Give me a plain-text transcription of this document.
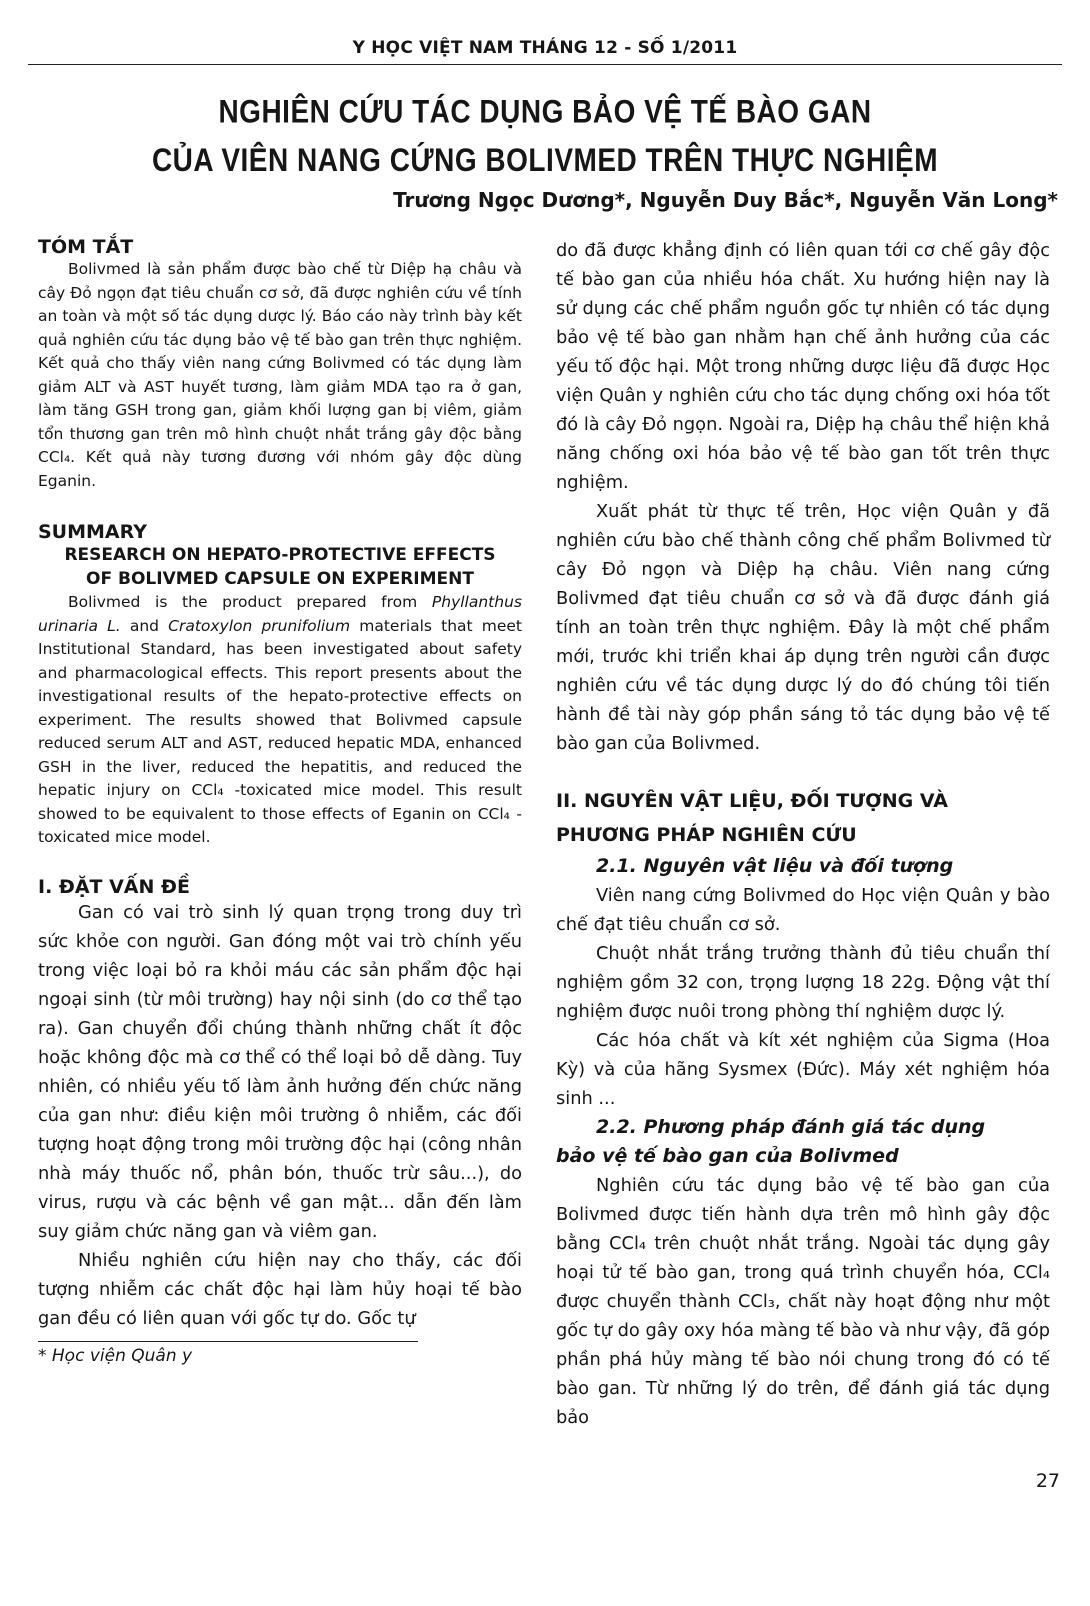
Y HỌC VIỆT NAM THÁNG 12 - SỐ 1/2011
NGHIÊN CỨU TÁC DỤNG BẢO VỆ TẾ BÀO GAN
CỦA VIÊN NANG CỨNG BOLIVMED TRÊN THỰC NGHIỆM
Trương Ngọc Dương*, Nguyễn Duy Bắc*, Nguyễn Văn Long*

TÓM TẮT

Bolivmed là sản phẩm được bào chế từ Diệp hạ châu và cây Đỏ ngọn đạt tiêu chuẩn cơ sở, đã được nghiên cứu về tính an toàn và một số tác dụng dược lý. Báo cáo này trình bày kết quả nghiên cứu tác dụng bảo vệ tế bào gan trên thực nghiệm. Kết quả cho thấy viên nang cứng Bolivmed có tác dụng làm giảm ALT và AST huyết tương, làm giảm MDA tạo ra ở gan, làm tăng GSH trong gan, giảm khối lượng gan bị viêm, giảm tổn thương gan trên mô hình chuột nhắt trắng gây độc bằng CCl₄. Kết quả này tương đương với nhóm gây độc dùng Eganin.

SUMMARY

RESEARCH ON HEPATO-PROTECTIVE EFFECTS

OF BOLIVMED CAPSULE ON EXPERIMENT

Bolivmed is the product prepared from Phyllanthus urinaria L. and Cratoxylon prunifolium materials that meet Institutional Standard, has been investigated about safety and pharmacological effects. This report presents about the investigational results of the hepato-protective effects on experiment. The results showed that Bolivmed capsule reduced serum ALT and AST, reduced hepatic MDA, enhanced GSH in the liver, reduced the hepatitis, and reduced the hepatic injury on CCl₄ -toxicated mice model. This result showed to be equivalent to those effects of Eganin on CCl₄ -toxicated mice model.

I. ĐẶT VẤN ĐỀ

Gan có vai trò sinh lý quan trọng trong duy trì sức khỏe con người. Gan đóng một vai trò chính yếu trong việc loại bỏ ra khỏi máu các sản phẩm độc hại ngoại sinh (từ môi trường) hay nội sinh (do cơ thể tạo ra). Gan chuyển đổi chúng thành những chất ít độc hoặc không độc mà cơ thể có thể loại bỏ dễ dàng. Tuy nhiên, có nhiều yếu tố làm ảnh hưởng đến chức năng của gan như: điều kiện môi trường ô nhiễm, các đối tượng hoạt động trong môi trường độc hại (công nhân nhà máy thuốc nổ, phân bón, thuốc trừ sâu...), do virus, rượu và các bệnh về gan mật... dẫn đến làm suy giảm chức năng gan và viêm gan.

Nhiều nghiên cứu hiện nay cho thấy, các đối tượng nhiễm các chất độc hại làm hủy hoại tế bào gan đều có liên quan với gốc tự do. Gốc tự

* Học viện Quân y

do đã được khẳng định có liên quan tới cơ chế gây độc tế bào gan của nhiều hóa chất. Xu hướng hiện nay là sử dụng các chế phẩm nguồn gốc tự nhiên có tác dụng bảo vệ tế bào gan nhằm hạn chế ảnh hưởng của các yếu tố độc hại. Một trong những dược liệu đã được Học viện Quân y nghiên cứu cho tác dụng chống oxi hóa tốt đó là cây Đỏ ngọn. Ngoài ra, Diệp hạ châu thể hiện khả năng chống oxi hóa bảo vệ tế bào gan tốt trên thực nghiệm.

Xuất phát từ thực tế trên, Học viện Quân y đã nghiên cứu bào chế thành công chế phẩm Bolivmed từ cây Đỏ ngọn và Diệp hạ châu. Viên nang cứng Bolivmed đạt tiêu chuẩn cơ sở và đã được đánh giá tính an toàn trên thực nghiệm. Đây là một chế phẩm mới, trước khi triển khai áp dụng trên người cần được nghiên cứu về tác dụng dược lý do đó chúng tôi tiến hành đề tài này góp phần sáng tỏ tác dụng bảo vệ tế bào gan của Bolivmed.

II. NGUYÊN VẬT LIỆU, ĐỐI TƯỢNG VÀ
PHƯƠNG PHÁP NGHIÊN CỨU

2.1. Nguyên vật liệu và đối tượng

Viên nang cứng Bolivmed do Học viện Quân y bào chế đạt tiêu chuẩn cơ sở.

Chuột nhắt trắng trưởng thành đủ tiêu chuẩn thí nghiệm gồm 32 con, trọng lượng 18 22g. Động vật thí nghiệm được nuôi trong phòng thí nghiệm dược lý.

Các hóa chất và kít xét nghiệm của Sigma (Hoa Kỳ) và của hãng Sysmex (Đức). Máy xét nghiệm hóa sinh ...

2.2. Phương pháp đánh giá tác dụng
bảo vệ tế bào gan của Bolivmed

Nghiên cứu tác dụng bảo vệ tế bào gan của Bolivmed được tiến hành dựa trên mô hình gây độc bằng CCl₄ trên chuột nhắt trắng. Ngoài tác dụng gây hoại tử tế bào gan, trong quá trình chuyển hóa, CCl₄ được chuyển thành CCl₃, chất này hoạt động như một gốc tự do gây oxy hóa màng tế bào và như vậy, đã góp phần phá hủy màng tế bào nói chung trong đó có tế bào gan. Từ những lý do trên, để đánh giá tác dụng bảo

27
